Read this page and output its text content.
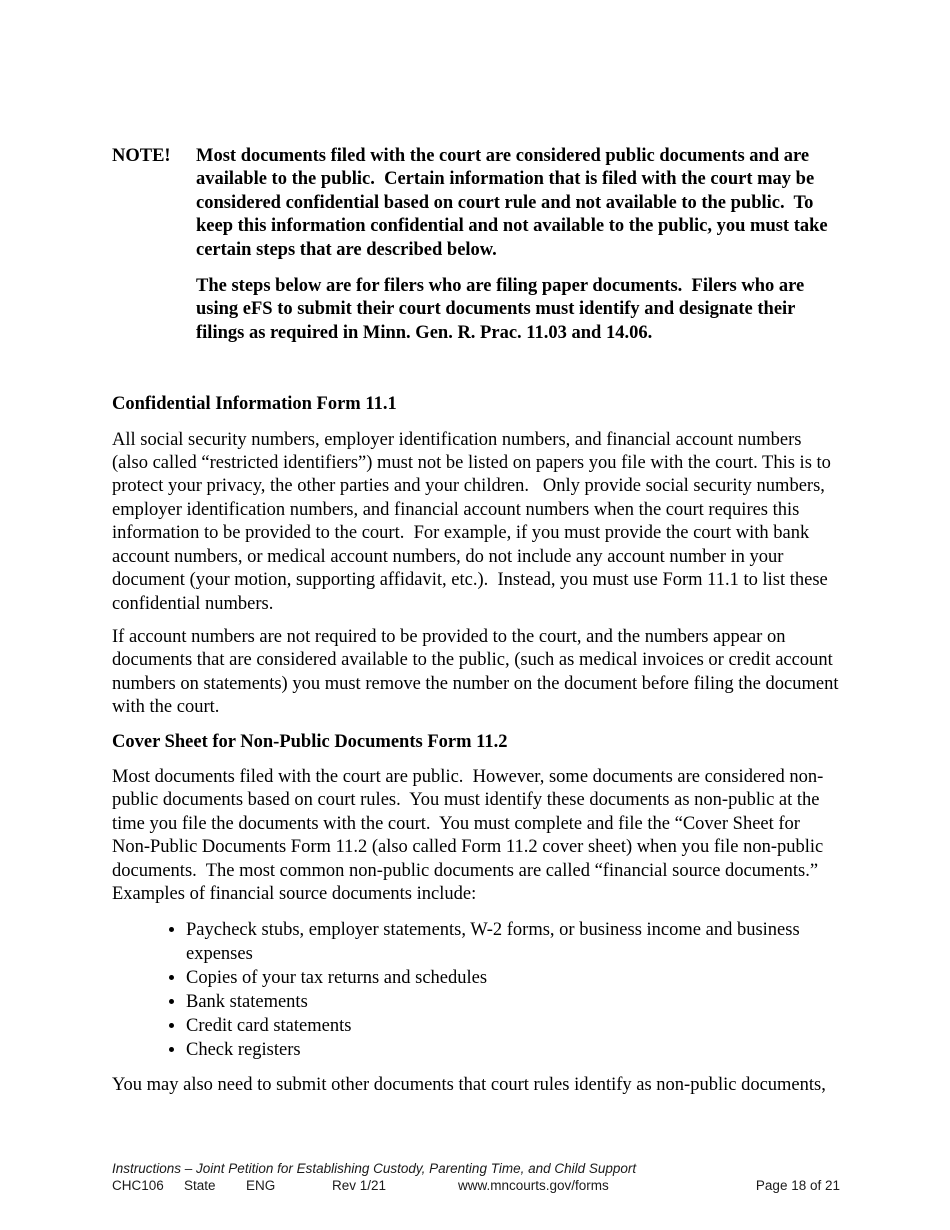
NOTE!	Most documents filed with the court are considered public documents and are available to the public.  Certain information that is filed with the court may be considered confidential based on court rule and not available to the public.  To keep this information confidential and not available to the public, you must take certain steps that are described below.

The steps below are for filers who are filing paper documents.  Filers who are using eFS to submit their court documents must identify and designate their filings as required in Minn. Gen. R. Prac. 11.03 and 14.06.

Confidential Information Form 11.1

All social security numbers, employer identification numbers, and financial account numbers (also called “restricted identifiers”) must not be listed on papers you file with the court. This is to protect your privacy, the other parties and your children.   Only provide social security numbers, employer identification numbers, and financial account numbers when the court requires this information to be provided to the court.  For example, if you must provide the court with bank account numbers, or medical account numbers, do not include any account number in your document (your motion, supporting affidavit, etc.).  Instead, you must use Form 11.1 to list these confidential numbers.

If account numbers are not required to be provided to the court, and the numbers appear on documents that are considered available to the public, (such as medical invoices or credit account numbers on statements) you must remove the number on the document before filing the document with the court.

Cover Sheet for Non-Public Documents Form 11.2

Most documents filed with the court are public.  However, some documents are considered non-public documents based on court rules.  You must identify these documents as non-public at the time you file the documents with the court.  You must complete and file the “Cover Sheet for Non-Public Documents Form 11.2 (also called Form 11.2 cover sheet) when you file non-public documents.  The most common non-public documents are called “financial source documents.” Examples of financial source documents include:

• Paycheck stubs, employer statements, W-2 forms, or business income and business expenses
• Copies of your tax returns and schedules
• Bank statements
• Credit card statements
• Check registers

You may also need to submit other documents that court rules identify as non-public documents,

Instructions – Joint Petition for Establishing Custody, Parenting Time, and Child Support
CHC106 State ENG	Rev 1/21	www.mncourts.gov/forms	Page 18 of 21
